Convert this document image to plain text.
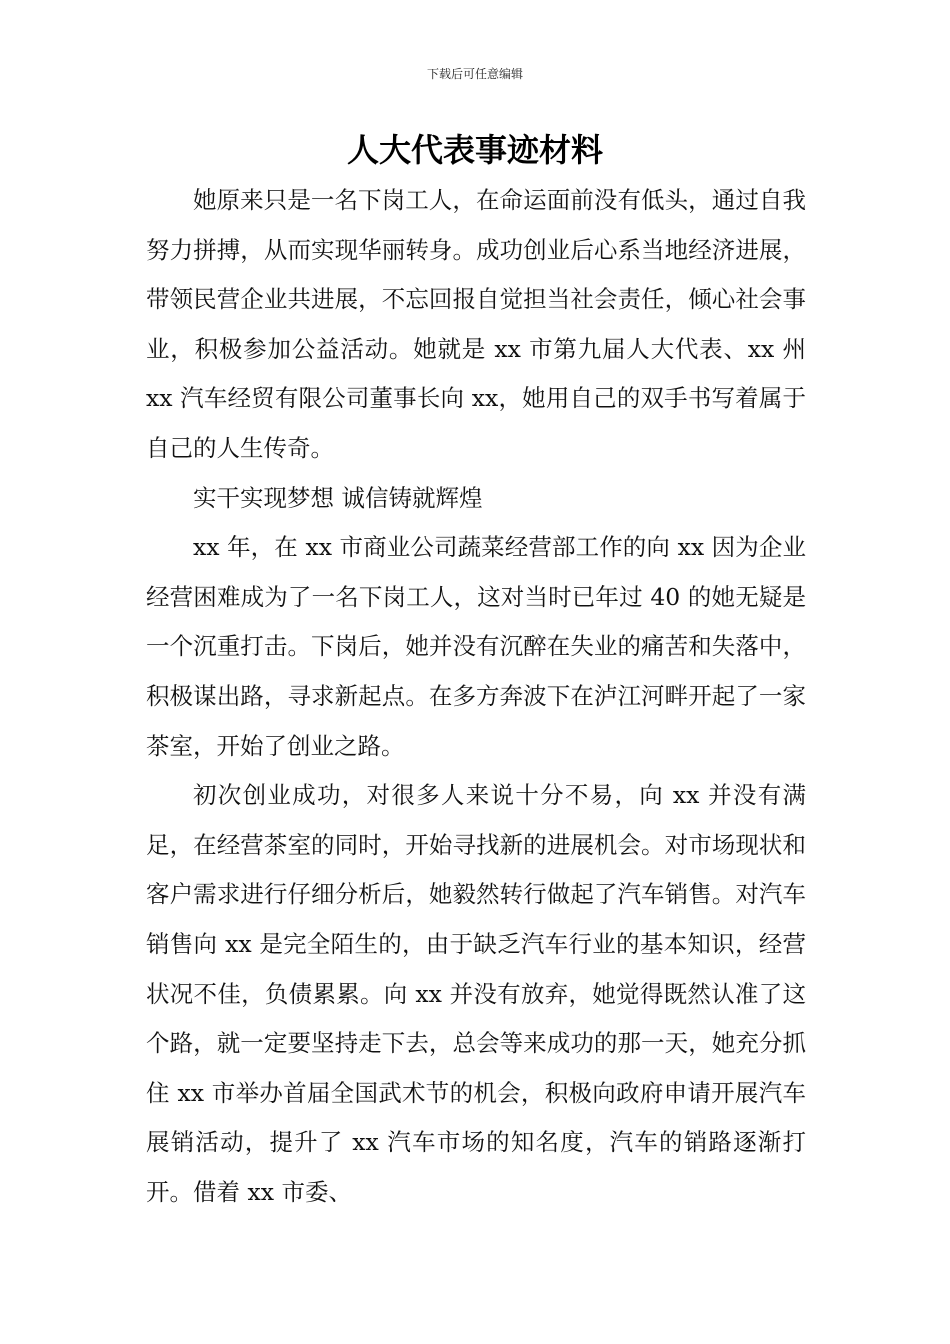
下载后可任意编辑
人大代表事迹材料

她原来只是一名下岗工人，在命运面前没有低头，通过自我努力拼搏，从而实现华丽转身。成功创业后心系当地经济进展，带领民营企业共进展，不忘回报自觉担当社会责任，倾心社会事业，积极参加公益活动。她就是 xx 市第九届人大代表、xx 州 xx 汽车经贸有限公司董事长向 xx，她用自己的双手书写着属于自己的人生传奇。

实干实现梦想 诚信铸就辉煌

xx 年，在 xx 市商业公司蔬菜经营部工作的向 xx 因为企业经营困难成为了一名下岗工人，这对当时已年过 40 的她无疑是一个沉重打击。下岗后，她并没有沉醉在失业的痛苦和失落中，积极谋出路，寻求新起点。在多方奔波下在泸江河畔开起了一家茶室，开始了创业之路。

初次创业成功，对很多人来说十分不易，向 xx 并没有满足，在经营茶室的同时，开始寻找新的进展机会。对市场现状和客户需求进行仔细分析后，她毅然转行做起了汽车销售。对汽车销售向 xx 是完全陌生的，由于缺乏汽车行业的基本知识，经营状况不佳，负债累累。向 xx 并没有放弃，她觉得既然认准了这个路，就一定要坚持走下去，总会等来成功的那一天，她充分抓住 xx 市举办首届全国武术节的机会，积极向政府申请开展汽车展销活动，提升了 xx 汽车市场的知名度，汽车的销路逐渐打开。借着 xx 市委、
